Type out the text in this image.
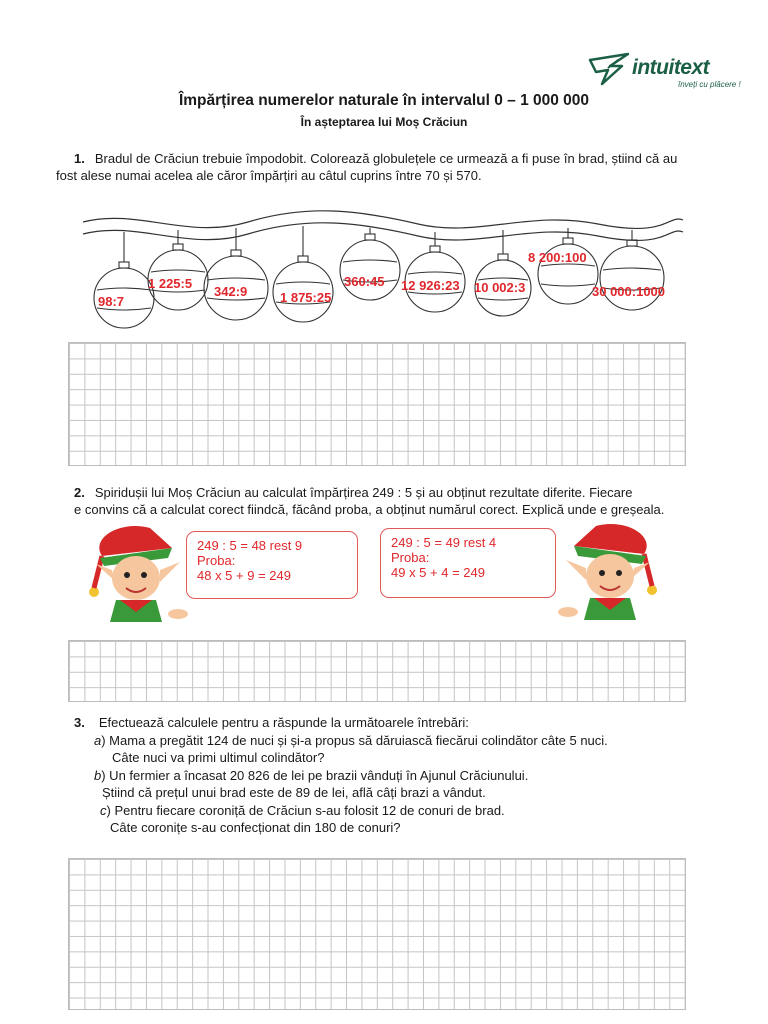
intuitext
înveți cu plăcere !
Împărțirea numerelor naturale în intervalul 0 – 1 000 000
În așteptarea lui Moș Crăciun
1. Bradul de Crăciun trebuie împodobit. Colorează globulețele ce urmează a fi puse în brad, știind că au
fost alese numai acelea ale căror împărțiri au câtul cuprins între 70 și 570.
98:7
1 225:5
342:9	1 875:25
360:45 12 926:23 10 002:3
8 200:100
30 000:1000
2. Spiridușii lui Moș Crăciun au calculat împărțirea 249 : 5 și au obținut rezultate diferite. Fiecare
e convins că a calculat corect fiindcă, făcând proba, a obținut numărul corect. Explică unde e greșeala.
249 : 5 = 48 rest 9
Proba:
48 x 5 + 9 = 249
249 : 5 = 49 rest 4
Proba:
49 x 5 + 4 = 249
3. Efectuează calculele pentru a răspunde la următoarele întrebări:
a) Mama a pregătit 124 de nuci și și-a propus să dăruiască fiecărui colindător câte 5 nuci.
Câte nuci va primi ultimul colindător?
b) Un fermier a încasat 20 826 de lei pe brazii vânduți în Ajunul Crăciunului.
Știind că prețul unui brad este de 89 de lei, află câți brazi a vândut.
c) Pentru fiecare coroniță de Crăciun s-au folosit 12 de conuri de brad.
Câte coronițe s-au confecționat din 180 de conuri?
